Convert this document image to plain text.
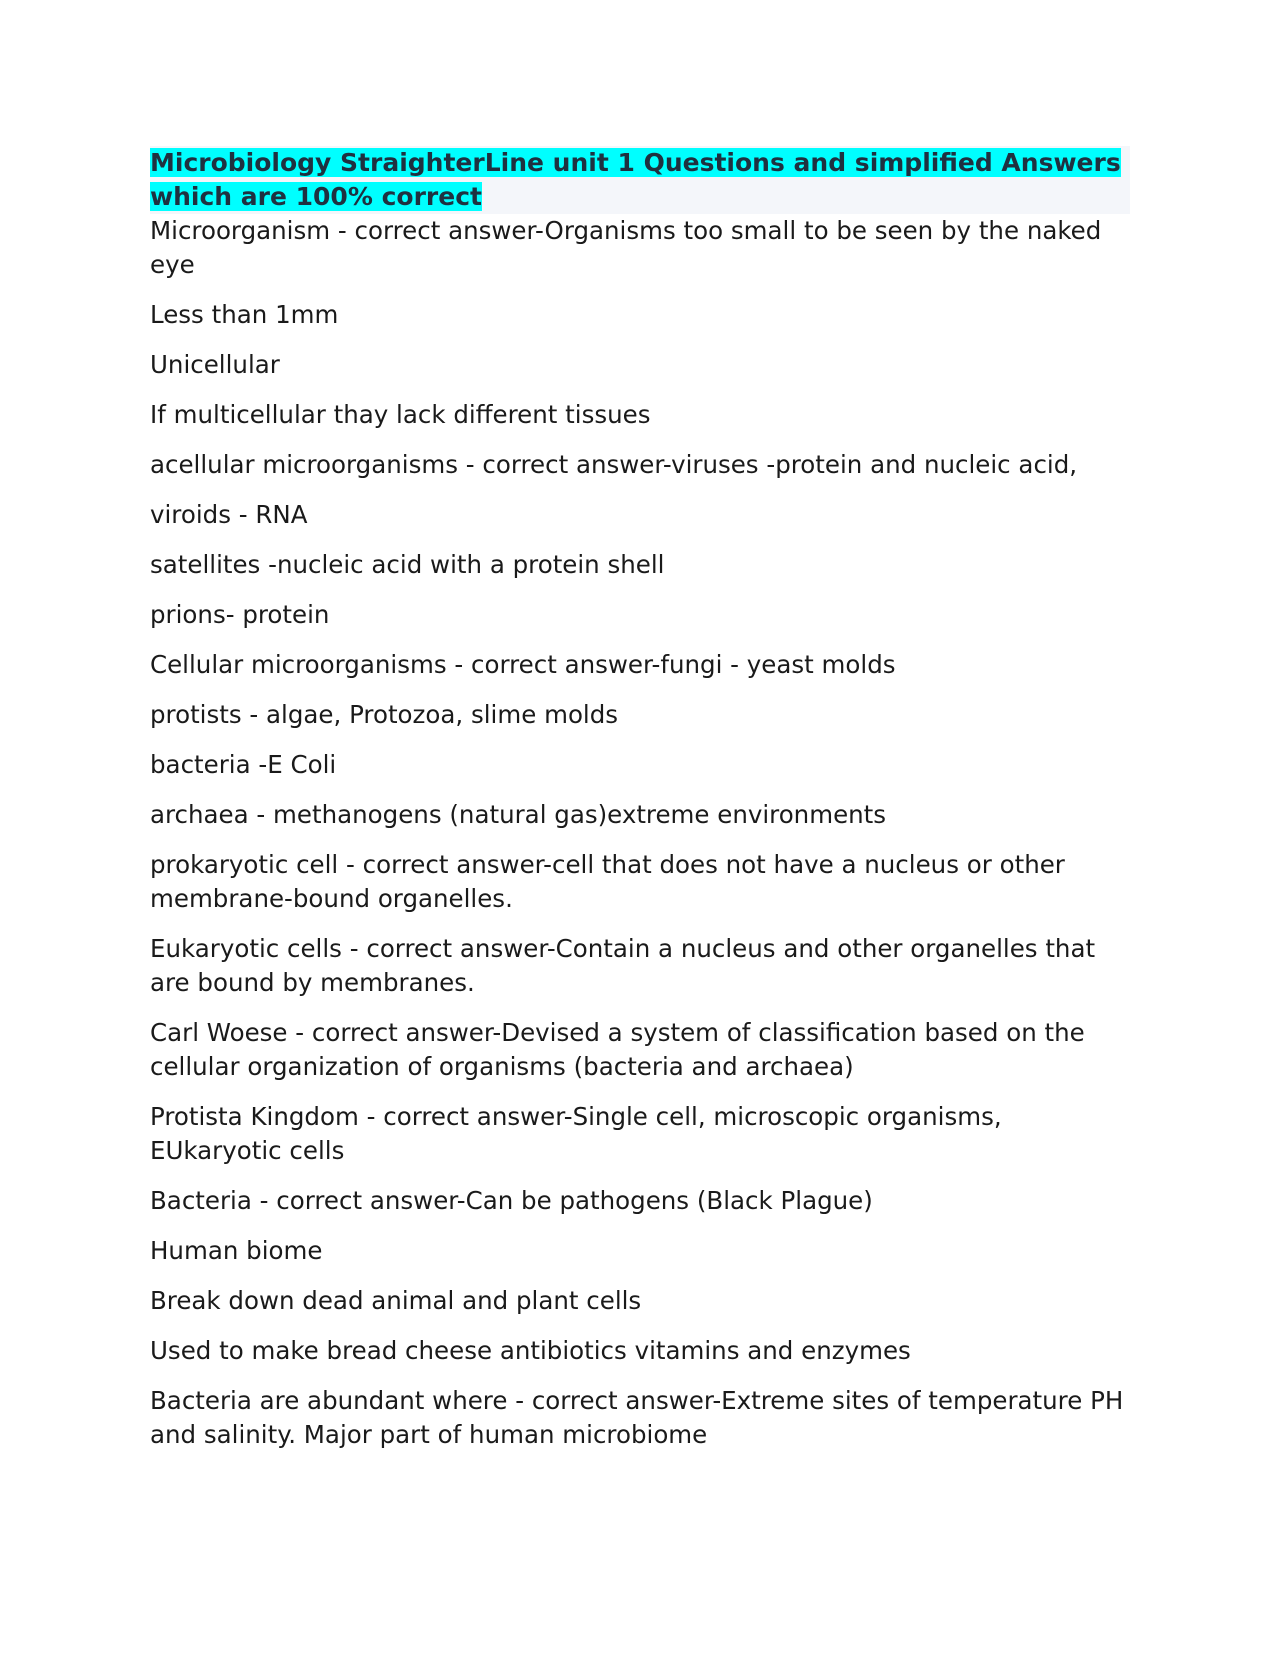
Microbiology StraighterLine unit 1 Questions and simplified Answers
which are 100% correct

Microorganism - correct answer-Organisms too small to be seen by the naked eye

Less than 1mm

Unicellular

If multicellular thay lack different tissues

acellular microorganisms - correct answer-viruses -protein and nucleic acid,

viroids - RNA

satellites -nucleic acid with a protein shell

prions- protein

Cellular microorganisms - correct answer-fungi - yeast molds

protists - algae, Protozoa, slime molds

bacteria -E Coli

archaea - methanogens (natural gas)extreme environments

prokaryotic cell - correct answer-cell that does not have a nucleus or other membrane-bound organelles.

Eukaryotic cells - correct answer-Contain a nucleus and other organelles that are bound by membranes.

Carl Woese - correct answer-Devised a system of classification based on the cellular organization of organisms (bacteria and archaea)

Protista Kingdom - correct answer-Single cell, microscopic organisms, EUkaryotic cells

Bacteria - correct answer-Can be pathogens (Black Plague)

Human biome

Break down dead animal and plant cells

Used to make bread cheese antibiotics vitamins and enzymes

Bacteria are abundant where - correct answer-Extreme sites of temperature PH and salinity. Major part of human microbiome
